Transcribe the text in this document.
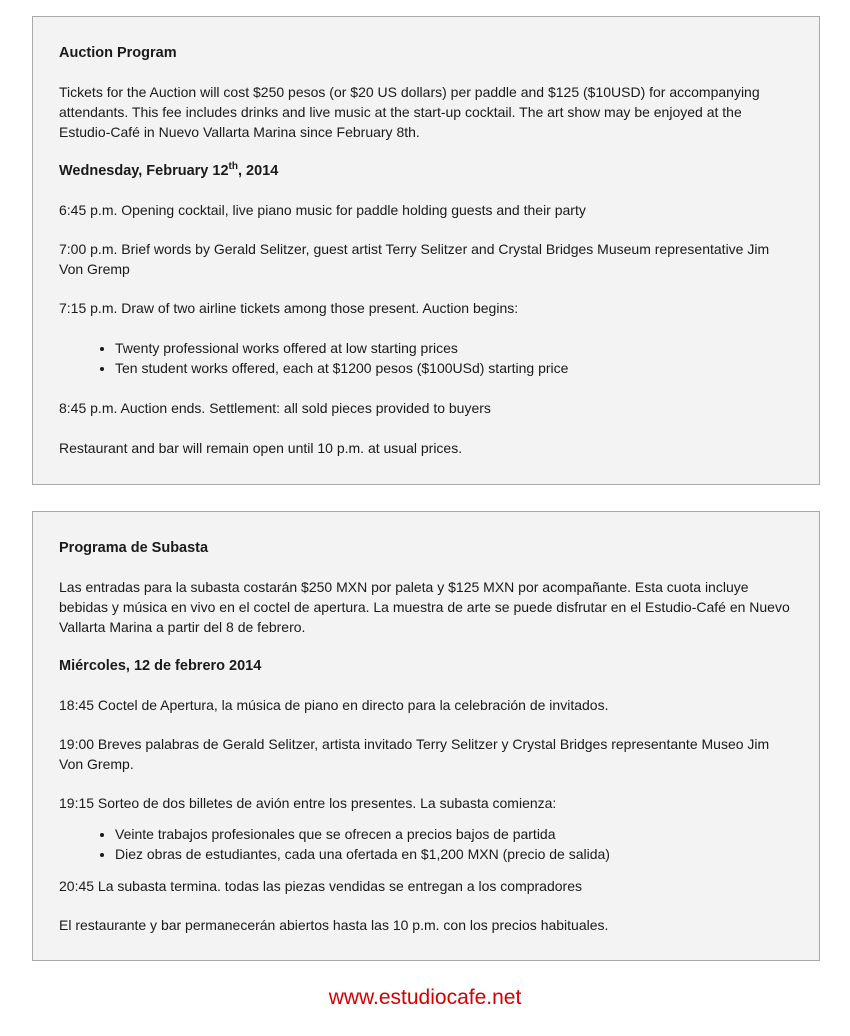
Auction Program

Tickets for the Auction will cost $250 pesos (or $20 US dollars) per paddle and $125 ($10USD) for accompanying attendants. This fee includes drinks and live music at the start-up cocktail. The art show may be enjoyed at the Estudio-Café in Nuevo Vallarta Marina since February 8th.

Wednesday, February 12th, 2014

6:45 p.m. Opening cocktail, live piano music for paddle holding guests and their party

7:00 p.m. Brief words by Gerald Selitzer, guest artist Terry Selitzer and Crystal Bridges Museum representative Jim Von Gremp

7:15 p.m. Draw of two airline tickets among those present. Auction begins:

• Twenty professional works offered at low starting prices
• Ten student works offered, each at $1200 pesos ($100USd) starting price

8:45 p.m. Auction ends. Settlement: all sold pieces provided to buyers

Restaurant and bar will remain open until 10 p.m. at usual prices.

Programa de Subasta

Las entradas para la subasta costarán $250 MXN por paleta y $125 MXN por acompañante. Esta cuota incluye bebidas y música en vivo en el coctel de apertura. La muestra de arte se puede disfrutar en el Estudio-Café en Nuevo Vallarta Marina a partir del 8 de febrero.

Miércoles, 12 de febrero 2014

18:45 Coctel de Apertura, la música de piano en directo para la celebración de invitados.

19:00 Breves palabras de Gerald Selitzer, artista invitado Terry Selitzer y Crystal Bridges representante Museo Jim Von Gremp.

19:15 Sorteo de dos billetes de avión entre los presentes. La subasta comienza:

• Veinte trabajos profesionales que se ofrecen a precios bajos de partida
• Diez obras de estudiantes, cada una ofertada en $1,200 MXN (precio de salida)

20:45 La subasta termina. todas las piezas vendidas se entregan a los compradores

El restaurante y bar permanecerán abiertos hasta las 10 p.m. con los precios habituales.

www.estudiocafe.net
